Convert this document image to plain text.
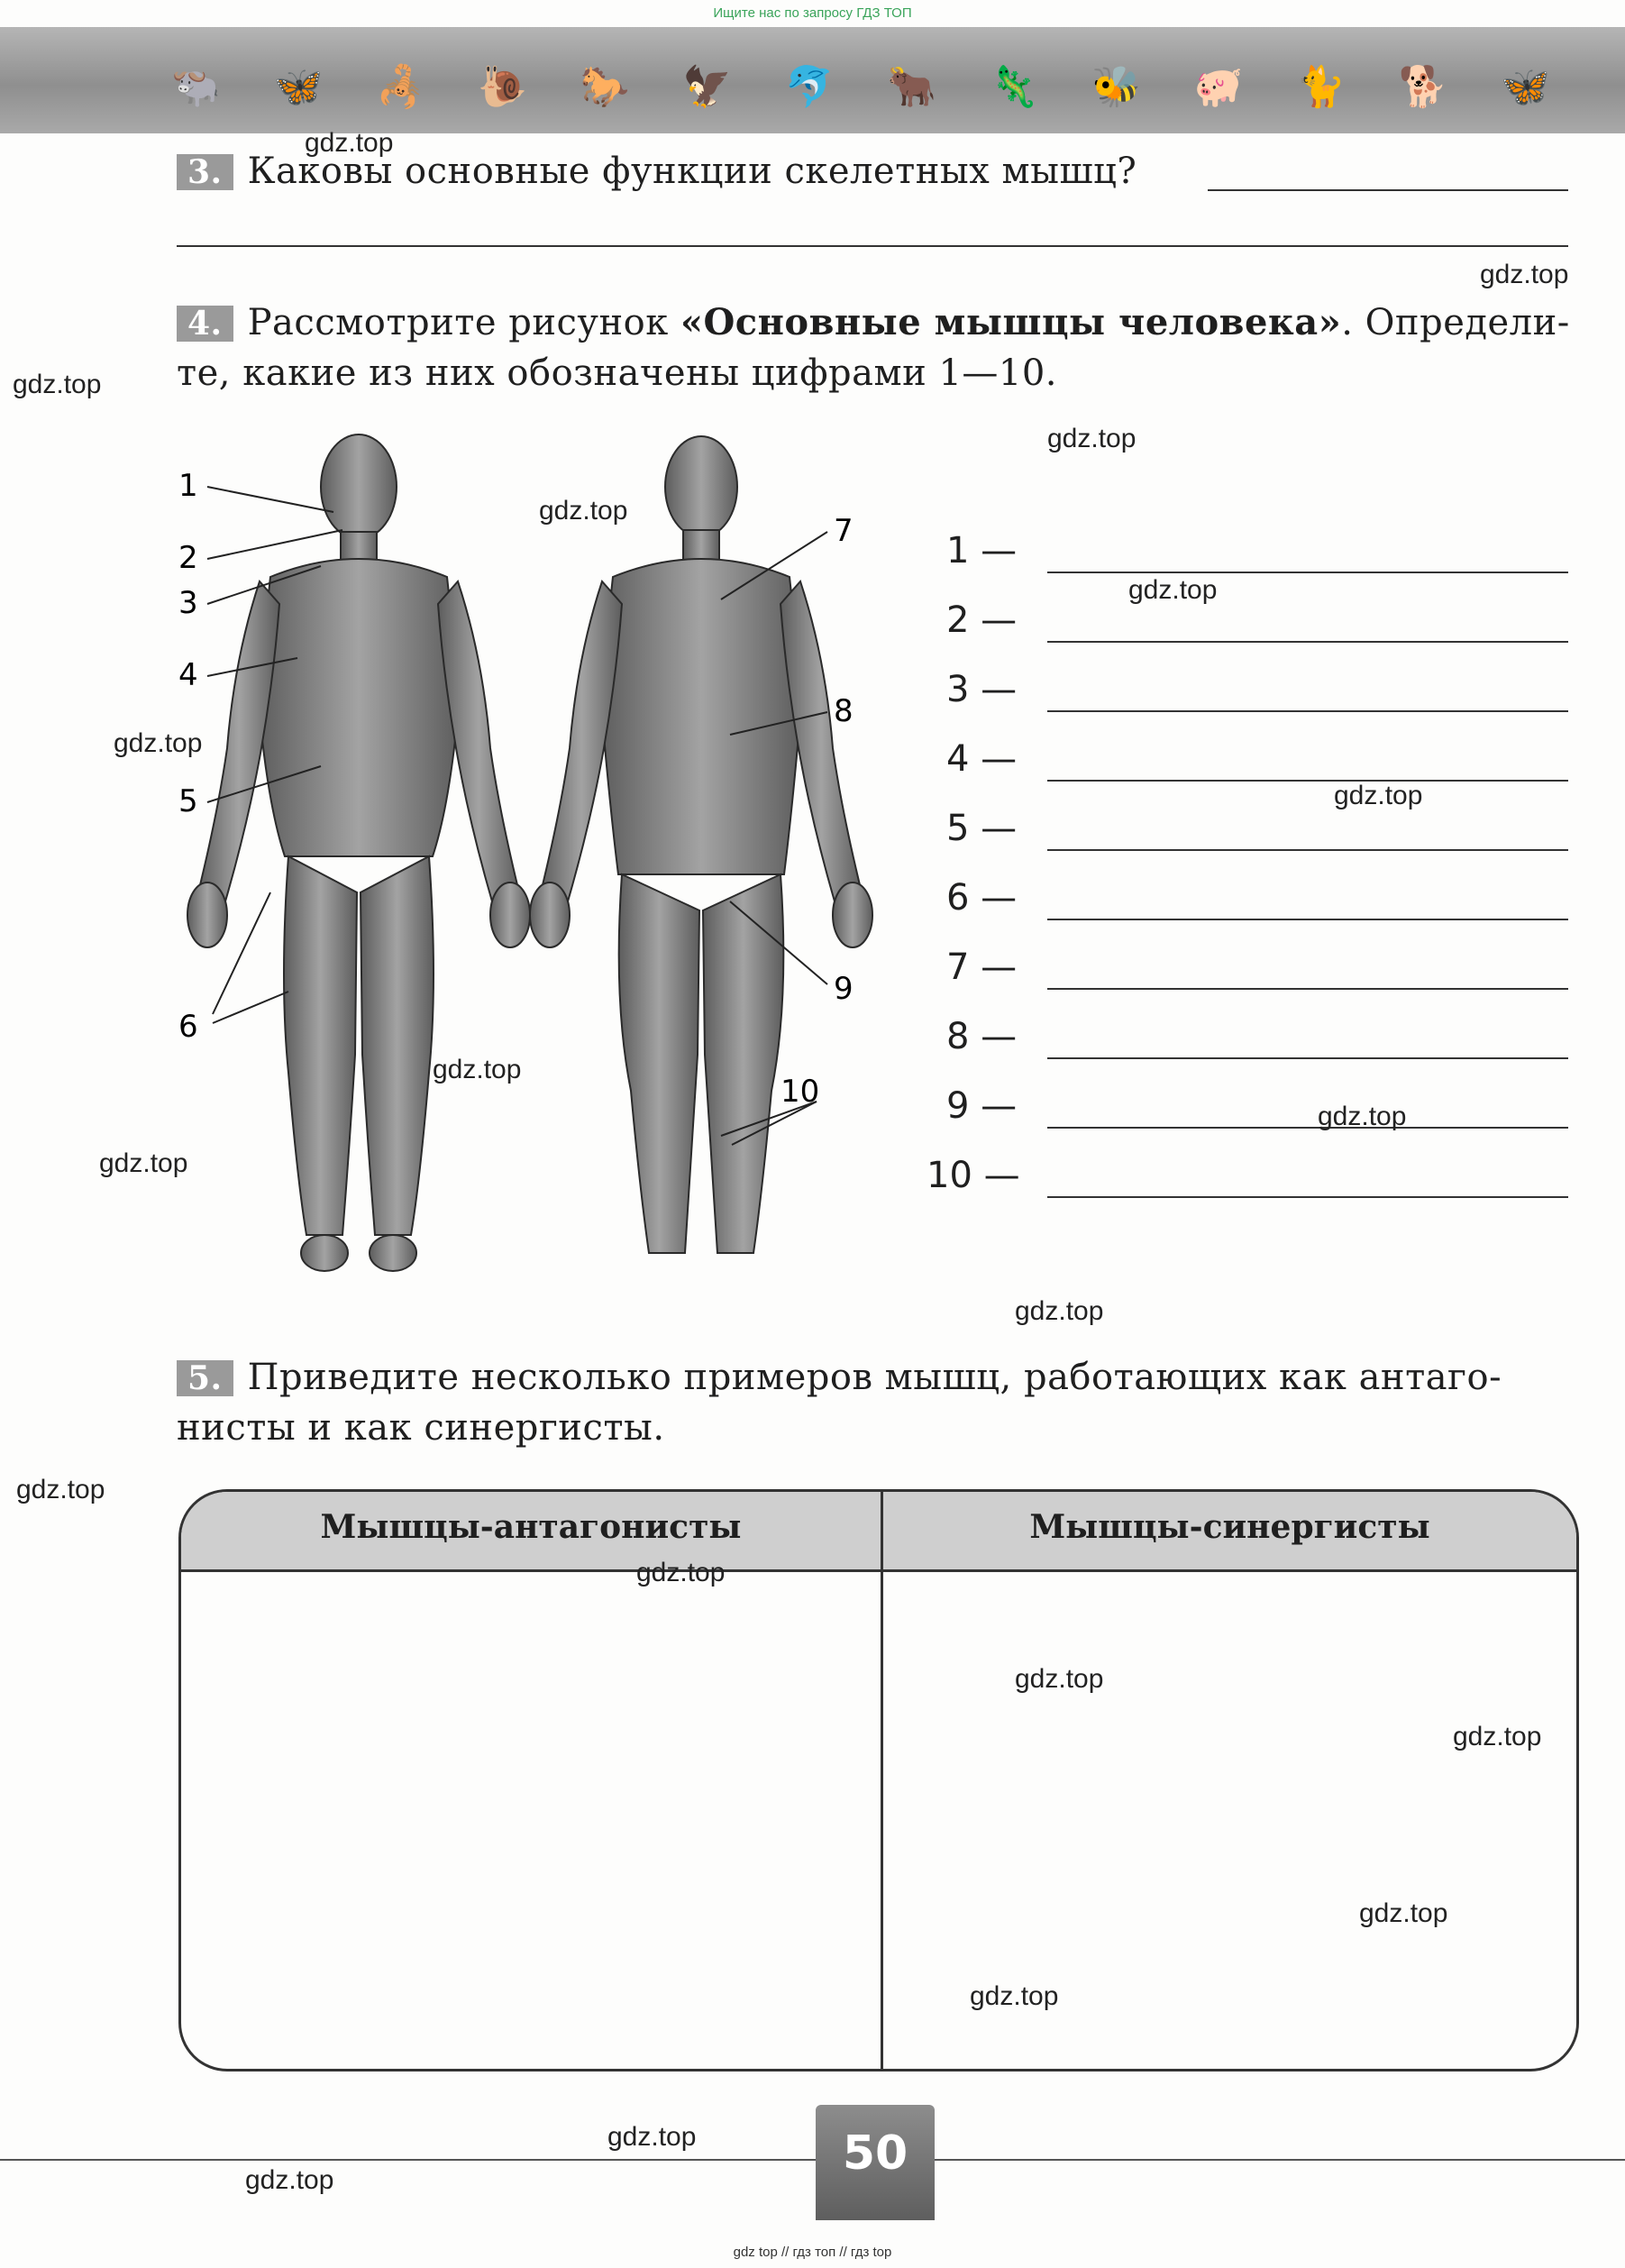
Ищите нас по запросу ГДЗ ТОП
🐃 🦋 🦂 🐌 🐎 🦅 🐬 🐂 🦎 🐝 🐖 🐈 🐕 🦋
3. Каковы основные функции скелетных мышц?
4. Рассмотрите рисунок «Основные мышцы человека». Определи-
те, какие из них обозначены цифрами 1—10.
1
2
3
4
5
6
7
8
9
10
1 —
2 —
3 —
4 —
5 —
6 —
7 —
8 —
9 —
10 —
5. Приведите несколько примеров мышц, работающих как антаго-
нисты и как синергисты.
Мышцы-антагонисты	Мышцы-синергисты
50
gdz.top
gdz.top
gdz.top
gdz.top
gdz.top
gdz.top
gdz.top
gdz.top
gdz.top
gdz.top
gdz.top
gdz.top
gdz.top
gdz.top
gdz.top
gdz.top
gdz.top
gdz.top
gdz.top
gdz.top
gdz top // гдз топ // гдз top
